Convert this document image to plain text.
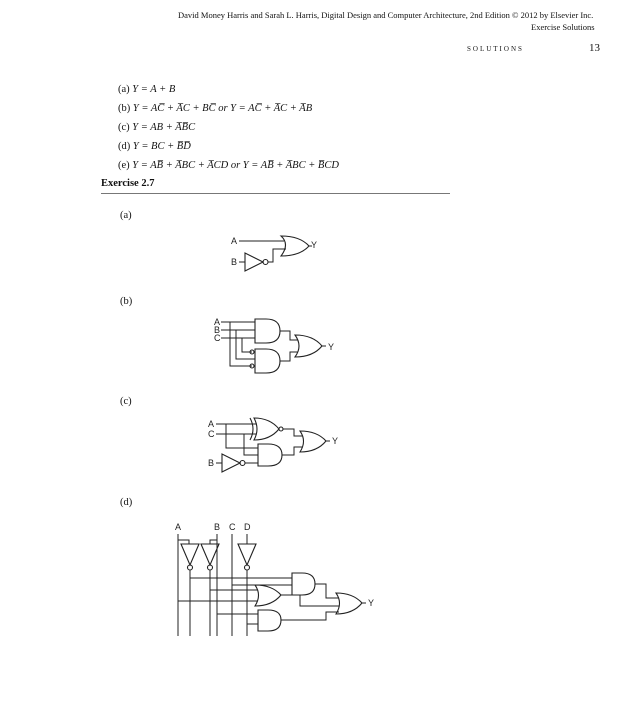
David Money Harris and Sarah L. Harris, Digital Design and Computer Architecture, 2nd Edition © 2012 by Elsevier Inc.
Exercise Solutions
SOLUTIONS	13
(a) Y = A + B
(b) Y = AC̅ + A̅C + BC̅ or Y = AC̅ + A̅C + A̅B
(c) Y = AB + A̅B̅C
(d) Y = BC + B̅D̅
(e) Y = AB̅ + A̅BC + A̅CD or Y = AB̅ + A̅BC + B̅CD
Exercise 2.7
(a)
(b)
(c)
(d)
A
B
Y
A
B
C
Y
A
C
B
Y
A	B C D
Y
